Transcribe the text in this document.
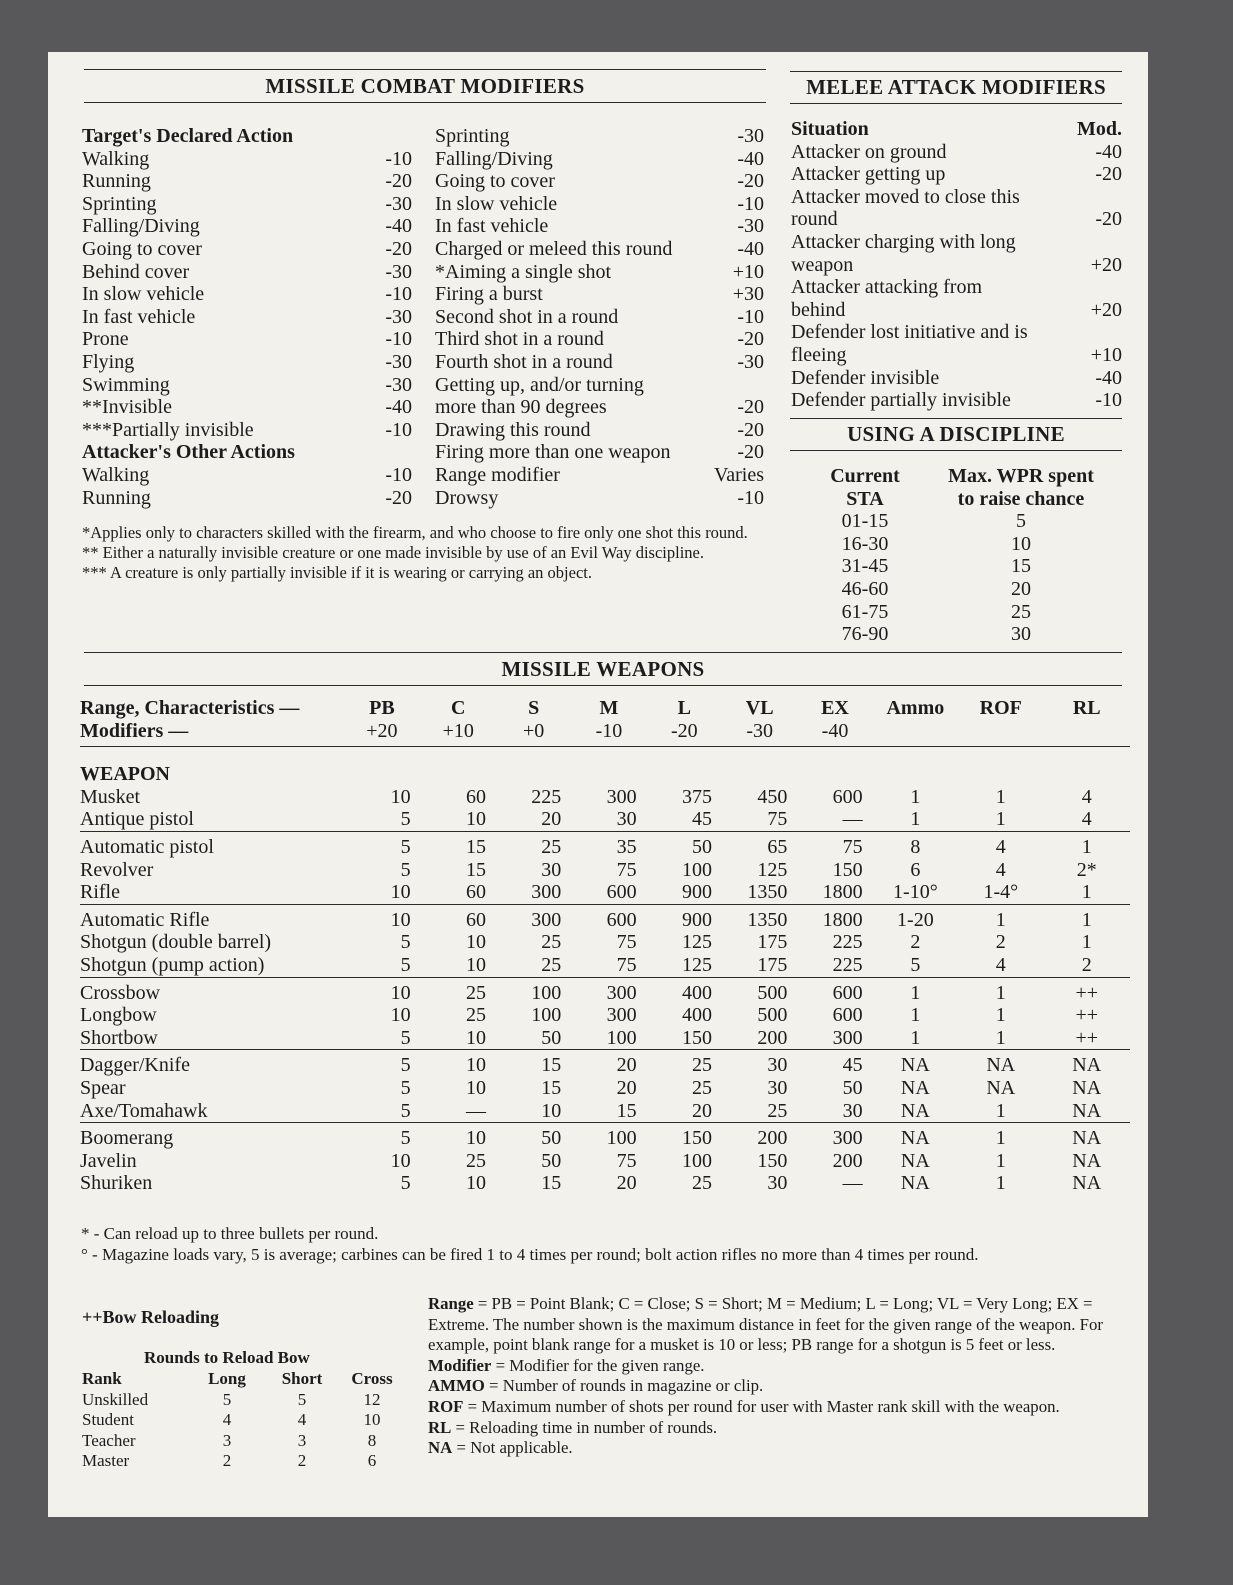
MISSILE COMBAT MODIFIERS
Target's Declared Action
Walking	-10
Running	-20
Sprinting	-30
Falling/Diving	-40
Going to cover	-20
Behind cover	-30
In slow vehicle	-10
In fast vehicle	-30
Prone	-10
Flying	-30
Swimming	-30
**Invisible	-40
***Partially invisible	-10
Attacker's Other Actions
Walking	-10
Running	-20
Sprinting	-30
Falling/Diving	-40
Going to cover	-20
In slow vehicle	-10
In fast vehicle	-30
Charged or meleed this round	-40
*Aiming a single shot	+10
Firing a burst	+30
Second shot in a round	-10
Third shot in a round	-20
Fourth shot in a round	-30
Getting up, and/or turning
more than 90 degrees	-20
Drawing this round	-20
Firing more than one weapon	-20
Range modifier	Varies
Drowsy	-10
*Applies only to characters skilled with the firearm, and who choose to fire only one shot this round.
** Either a naturally invisible creature or one made invisible by use of an Evil Way discipline.
*** A creature is only partially invisible if it is wearing or carrying an object.
MELEE ATTACK MODIFIERS
Situation	Mod.
Attacker on ground	-40
Attacker getting up	-20
Attacker moved to close this round	-20
Attacker charging with long weapon	+20
Attacker attacking from behind	+20
Defender lost initiative and is fleeing	+10
Defender invisible	-40
Defender partially invisible	-10
USING A DISCIPLINE
Current	Max. WPR spent
STA	to raise chance
01-15	5
16-30	10
31-45	15
46-60	20
61-75	25
76-90	30
MISSILE WEAPONS
Range, Characteristics —	PB	C	S	M	L	VL	EX	Ammo	ROF	RL
Modifiers —	+20	+10	+0	-10	-20	-30	-40			
WEAPON										
Musket	10	60	225	300	375	450	600	1	1	4
Antique pistol	5	10	20	30	45	75	—	1	1	4
Automatic pistol	5	15	25	35	50	65	75	8	4	1
Revolver	5	15	30	75	100	125	150	6	4	2*
Rifle	10	60	300	600	900	1350	1800	1-10°	1-4°	1
Automatic Rifle	10	60	300	600	900	1350	1800	1-20	1	1
Shotgun (double barrel)	5	10	25	75	125	175	225	2	2	1
Shotgun (pump action)	5	10	25	75	125	175	225	5	4	2
Crossbow	10	25	100	300	400	500	600	1	1	++
Longbow	10	25	100	300	400	500	600	1	1	++
Shortbow	5	10	50	100	150	200	300	1	1	++
Dagger/Knife	5	10	15	20	25	30	45	NA	NA	NA
Spear	5	10	15	20	25	30	50	NA	NA	NA
Axe/Tomahawk	5	—	10	15	20	25	30	NA	1	NA
Boomerang	5	10	50	100	150	200	300	NA	1	NA
Javelin	10	25	50	75	100	150	200	NA	1	NA
Shuriken	5	10	15	20	25	30	—	NA	1	NA
* - Can reload up to three bullets per round.
° - Magazine loads vary, 5 is average; carbines can be fired 1 to 4 times per round; bolt action rifles no more than 4 times per round.
++Bow Reloading
Rounds to Reload Bow
Rank	Long	Short	Cross
Unskilled	5	5	12
Student	4	4	10
Teacher	3	3	8
Master	2	2	6
Range = PB = Point Blank; C = Close; S = Short; M = Medium; L = Long; VL = Very Long; EX = Extreme. The number shown is the maximum distance in feet for the given range of the weapon. For example, point blank range for a musket is 10 or less; PB range for a shotgun is 5 feet or less.
Modifier = Modifier for the given range.
AMMO = Number of rounds in magazine or clip.
ROF = Maximum number of shots per round for user with Master rank skill with the weapon.
RL = Reloading time in number of rounds.
NA = Not applicable.
